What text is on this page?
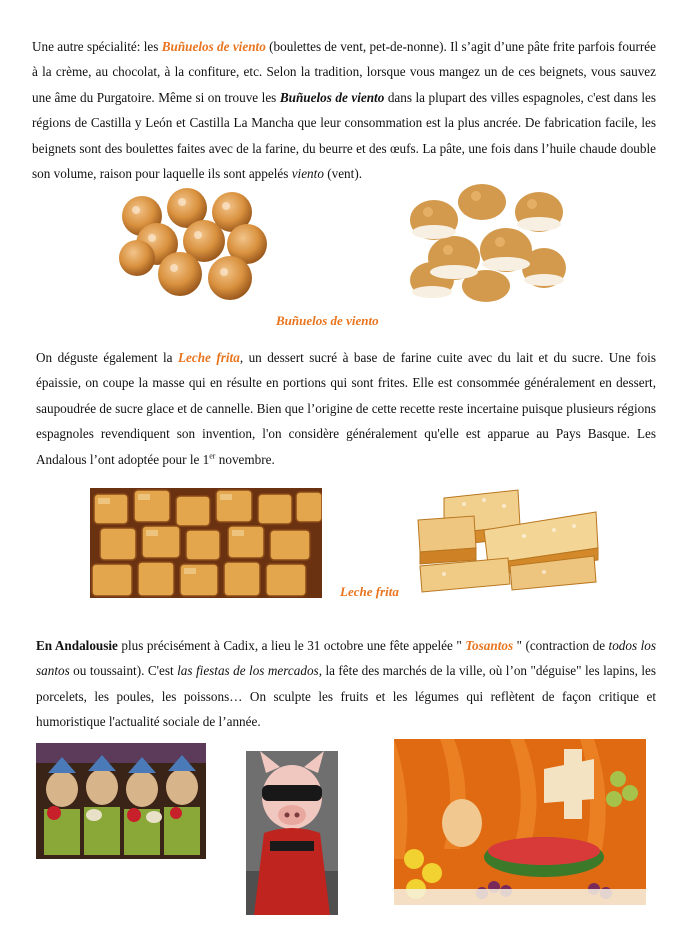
Une autre spécialité: les Buñuelos de viento (boulettes de vent, pet-de-nonne). Il s’agit d’une pâte frite parfois fourrée à la crème, au chocolat, à la confiture, etc. Selon la tradition, lorsque vous mangez un de ces beignets, vous sauvez une âme du Purgatoire. Même si on trouve les Buñuelos de viento dans la plupart des villes espagnoles, c'est dans les régions de Castilla y León et Castilla La Mancha que leur consommation est la plus ancrée. De fabrication facile, les beignets sont des boulettes faites avec de la farine, du beurre et des œufs. La pâte, une fois dans l’huile chaude double son volume, raison pour laquelle ils sont appelés viento (vent).

Buñuelos de viento

On déguste également la Leche frita, un dessert sucré à base de farine cuite avec du lait et du sucre. Une fois épaissie, on coupe la masse qui en résulte en portions qui sont frites. Elle est consommée généralement en dessert, saupoudrée de sucre glace et de cannelle. Bien que l’origine de cette recette reste incertaine puisque plusieurs régions espagnoles revendiquent son invention, l'on considère généralement qu'elle est apparue au Pays Basque. Les Andalous l’ont adoptée pour le 1er novembre.

Leche frita

En Andalousie plus précisément à Cadix, a lieu le 31 octobre une fête appelée " Tosantos " (contraction de todos los santos ou toussaint). C'est las fiestas de los mercados, la fête des marchés de la ville, où l’on "déguise" les lapins, les porcelets, les poules, les poissons… On sculpte les fruits et les légumes qui reflètent de façon critique et humoristique l'actualité sociale de l’année.
